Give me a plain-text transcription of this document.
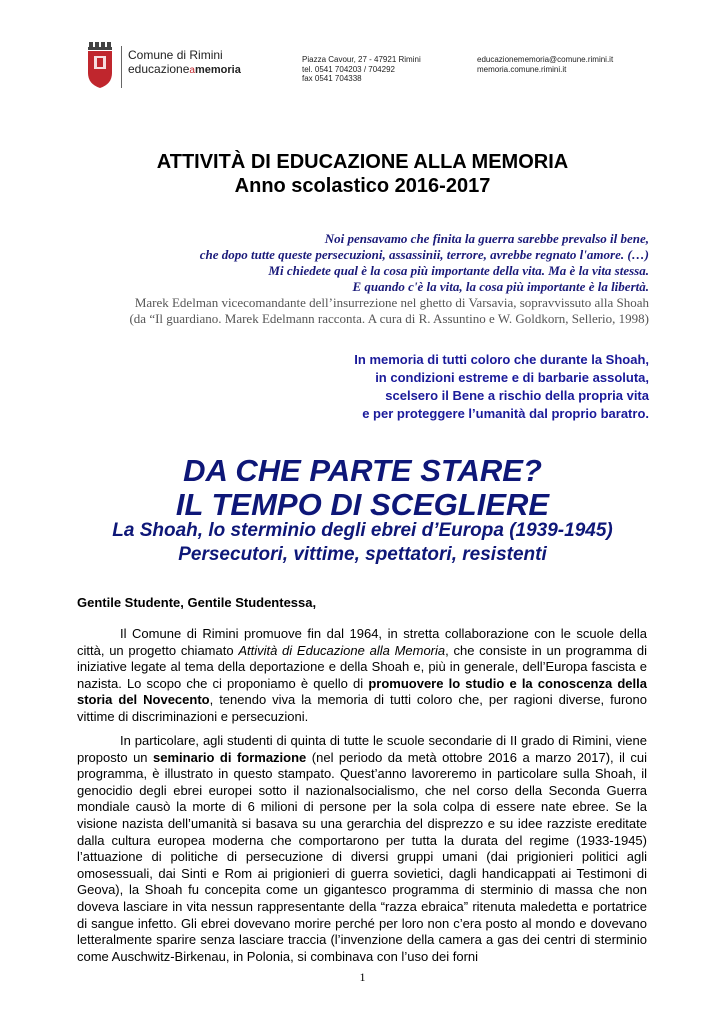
Comune di Rimini
educazioneamemoria
Piazza Cavour, 27 - 47921 Rimini
tel. 0541 704203 / 704292
fax 0541 704338
educazionememoria@comune.rimini.it
memoria.comune.rimini.it
ATTIVITÀ DI EDUCAZIONE ALLA MEMORIA
Anno scolastico 2016-2017
Noi pensavamo che finita la guerra sarebbe prevalso il bene,
che dopo tutte queste persecuzioni, assassinii, terrore, avrebbe regnato l'amore. (…)
Mi chiedete qual è la cosa più importante della vita. Ma è la vita stessa.
E quando c'è la vita, la cosa più importante è la libertà.
Marek Edelman vicecomandante dell’insurrezione nel ghetto di Varsavia, sopravvissuto alla Shoah
(da “Il guardiano. Marek Edelmann racconta. A cura di R. Assuntino e W. Goldkorn, Sellerio, 1998)
In memoria di tutti coloro che durante la Shoah,
in condizioni estreme e di barbarie assoluta,
scelsero il Bene a rischio della propria vita
e per proteggere l’umanità dal proprio baratro.
DA CHE PARTE STARE?
IL TEMPO DI SCEGLIERE
La Shoah, lo sterminio degli ebrei d’Europa (1939-1945)
Persecutori, vittime, spettatori, resistenti
Gentile Studente, Gentile Studentessa,

Il Comune di Rimini promuove fin dal 1964, in stretta collaborazione con le scuole della città, un progetto chiamato Attività di Educazione alla Memoria, che consiste in un programma di iniziative legate al tema della deportazione e della Shoah e, più in generale, dell’Europa fascista e nazista. Lo scopo che ci proponiamo è quello di promuovere lo studio e la conoscenza della storia del Novecento, tenendo viva la memoria di tutti coloro che, per ragioni diverse, furono vittime di discriminazioni e persecuzioni.

In particolare, agli studenti di quinta di tutte le scuole secondarie di II grado di Rimini, viene proposto un seminario di formazione (nel periodo da metà ottobre 2016 a marzo 2017), il cui programma, è illustrato in questo stampato. Quest’anno lavoreremo in particolare sulla Shoah, il genocidio degli ebrei europei sotto il nazionalsocialismo, che nel corso della Seconda Guerra mondiale causò la morte di 6 milioni di persone per la sola colpa di essere nate ebree. Se la visione nazista dell’umanità si basava su una gerarchia del disprezzo e su idee razziste ereditate dalla cultura europea moderna che comportarono per tutta la durata del regime (1933-1945) l’attuazione di politiche di persecuzione di diversi gruppi umani (dai prigionieri politici agli omosessuali, dai Sinti e Rom ai prigionieri di guerra sovietici, dagli handicappati ai Testimoni di Geova), la Shoah fu concepita come un gigantesco programma di sterminio di massa che non doveva lasciare in vita nessun rappresentante della “razza ebraica” ritenuta maledetta e portatrice di sangue infetto. Gli ebrei dovevano morire perché per loro non c’era posto al mondo e dovevano letteralmente sparire senza lasciare traccia (l’invenzione della camera a gas dei centri di sterminio come Auschwitz-Birkenau, in Polonia, si combinava con l’uso dei forni

1
